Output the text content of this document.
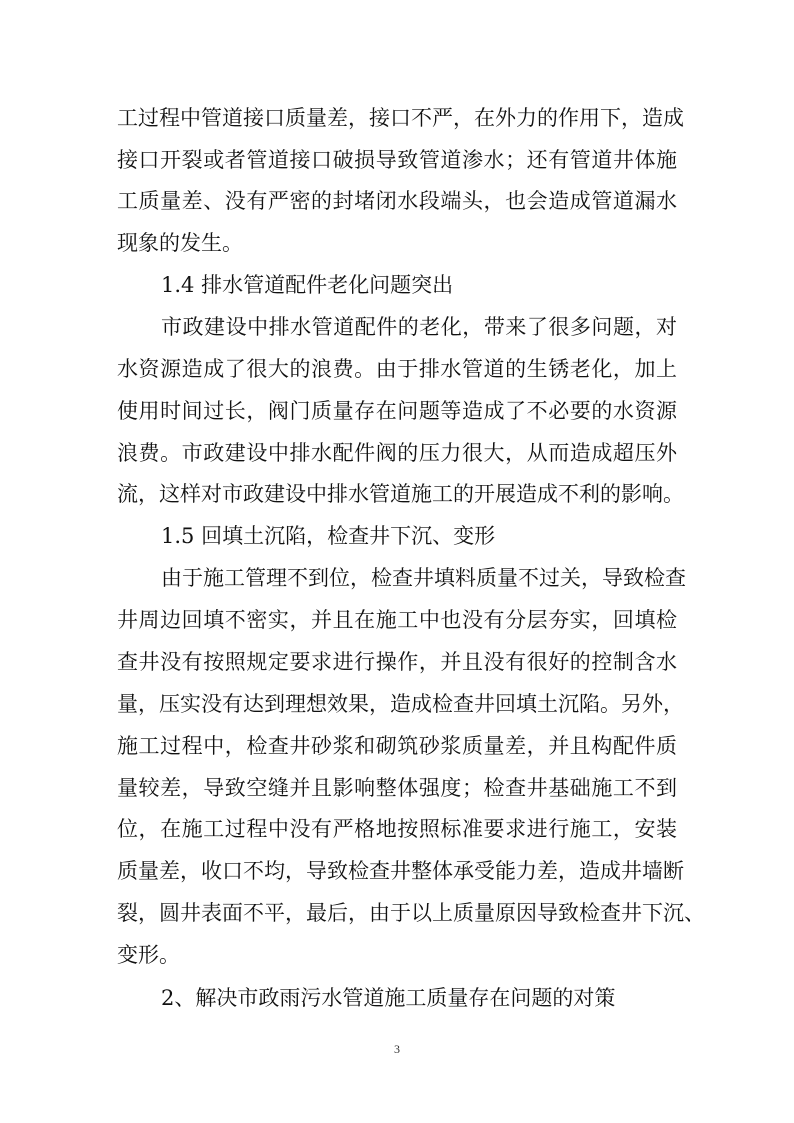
工过程中管道接口质量差，接口不严，在外力的作用下，造成
接口开裂或者管道接口破损导致管道渗水；还有管道井体施
工质量差、没有严密的封堵闭水段端头，也会造成管道漏水
现象的发生。
1.4 排水管道配件老化问题突出
市政建设中排水管道配件的老化，带来了很多问题，对
水资源造成了很大的浪费。由于排水管道的生锈老化，加上
使用时间过长，阀门质量存在问题等造成了不必要的水资源
浪费。市政建设中排水配件阀的压力很大，从而造成超压外
流，这样对市政建设中排水管道施工的开展造成不利的影响。
1.5 回填土沉陷，检查井下沉、变形
由于施工管理不到位，检查井填料质量不过关，导致检查
井周边回填不密实，并且在施工中也没有分层夯实，回填检
查井没有按照规定要求进行操作，并且没有很好的控制含水
量，压实没有达到理想效果，造成检查井回填土沉陷。另外，
施工过程中，检查井砂浆和砌筑砂浆质量差，并且构配件质
量较差，导致空缝并且影响整体强度；检查井基础施工不到
位，在施工过程中没有严格地按照标准要求进行施工，安装
质量差，收口不均，导致检查井整体承受能力差，造成井墙断
裂，圆井表面不平，最后，由于以上质量原因导致检查井下沉、
变形。
2、解决市政雨污水管道施工质量存在问题的对策
3
